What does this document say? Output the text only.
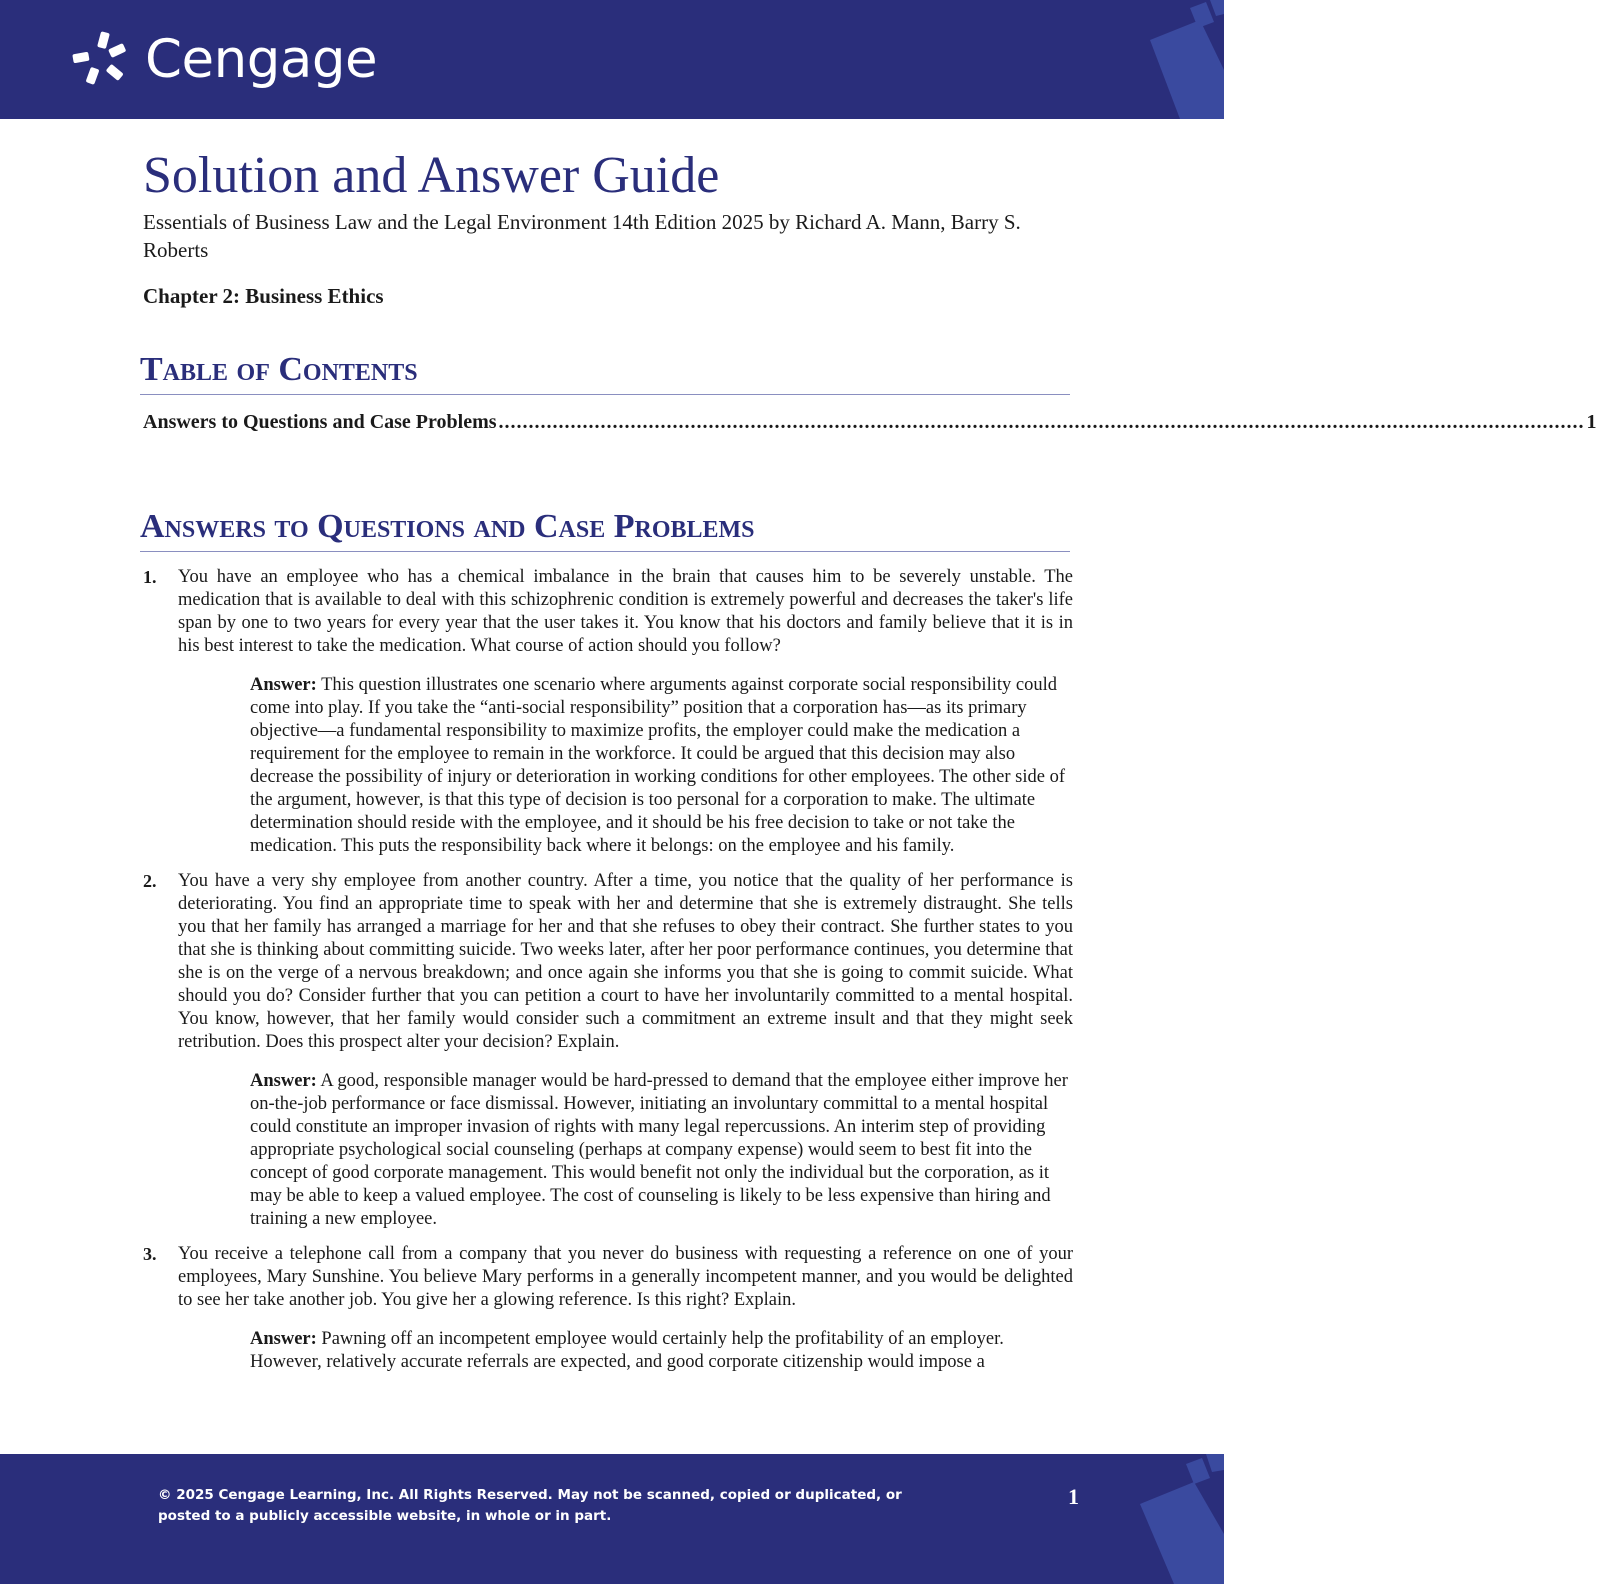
Cengage
Solution and Answer Guide

Essentials of Business Law and the Legal Environment 14th Edition 2025 by Richard A. Mann, Barry S. Roberts

Chapter 2: Business Ethics
Table of Contents
Answers to Questions and Case Problems ..................................................................................................................................................................................... 1
Answers to Questions and Case Problems
1. You have an employee who has a chemical imbalance in the brain that causes him to be severely unstable. The medication that is available to deal with this schizophrenic condition is extremely powerful and decreases the taker's life span by one to two years for every year that the user takes it. You know that his doctors and family believe that it is in his best interest to take the medication. What course of action should you follow?

Answer: This question illustrates one scenario where arguments against corporate social responsibility could come into play. If you take the “anti-social responsibility” position that a corporation has—as its primary objective—a fundamental responsibility to maximize profits, the employer could make the medication a requirement for the employee to remain in the workforce. It could be argued that this decision may also decrease the possibility of injury or deterioration in working conditions for other employees. The other side of the argument, however, is that this type of decision is too personal for a corporation to make. The ultimate determination should reside with the employee, and it should be his free decision to take or not take the medication. This puts the responsibility back where it belongs: on the employee and his family.
2. You have a very shy employee from another country. After a time, you notice that the quality of her performance is deteriorating. You find an appropriate time to speak with her and determine that she is extremely distraught. She tells you that her family has arranged a marriage for her and that she refuses to obey their contract. She further states to you that she is thinking about committing suicide. Two weeks later, after her poor performance continues, you determine that she is on the verge of a nervous breakdown; and once again she informs you that she is going to commit suicide. What should you do? Consider further that you can petition a court to have her involuntarily committed to a mental hospital. You know, however, that her family would consider such a commitment an extreme insult and that they might seek retribution. Does this prospect alter your decision? Explain.

Answer: A good, responsible manager would be hard-pressed to demand that the employee either improve her on-the-job performance or face dismissal. However, initiating an involuntary committal to a mental hospital could constitute an improper invasion of rights with many legal repercussions. An interim step of providing appropriate psychological social counseling (perhaps at company expense) would seem to best fit into the concept of good corporate management. This would benefit not only the individual but the corporation, as it may be able to keep a valued employee. The cost of counseling is likely to be less expensive than hiring and training a new employee.
3. You receive a telephone call from a company that you never do business with requesting a reference on one of your employees, Mary Sunshine. You believe Mary performs in a generally incompetent manner, and you would be delighted to see her take another job. You give her a glowing reference. Is this right? Explain.

Answer: Pawning off an incompetent employee would certainly help the profitability of an employer. However, relatively accurate referrals are expected, and good corporate citizenship would impose a
© 2025 Cengage Learning, Inc. All Rights Reserved. May not be scanned, copied or duplicated, or posted to a publicly accessible website, in whole or in part.
1
